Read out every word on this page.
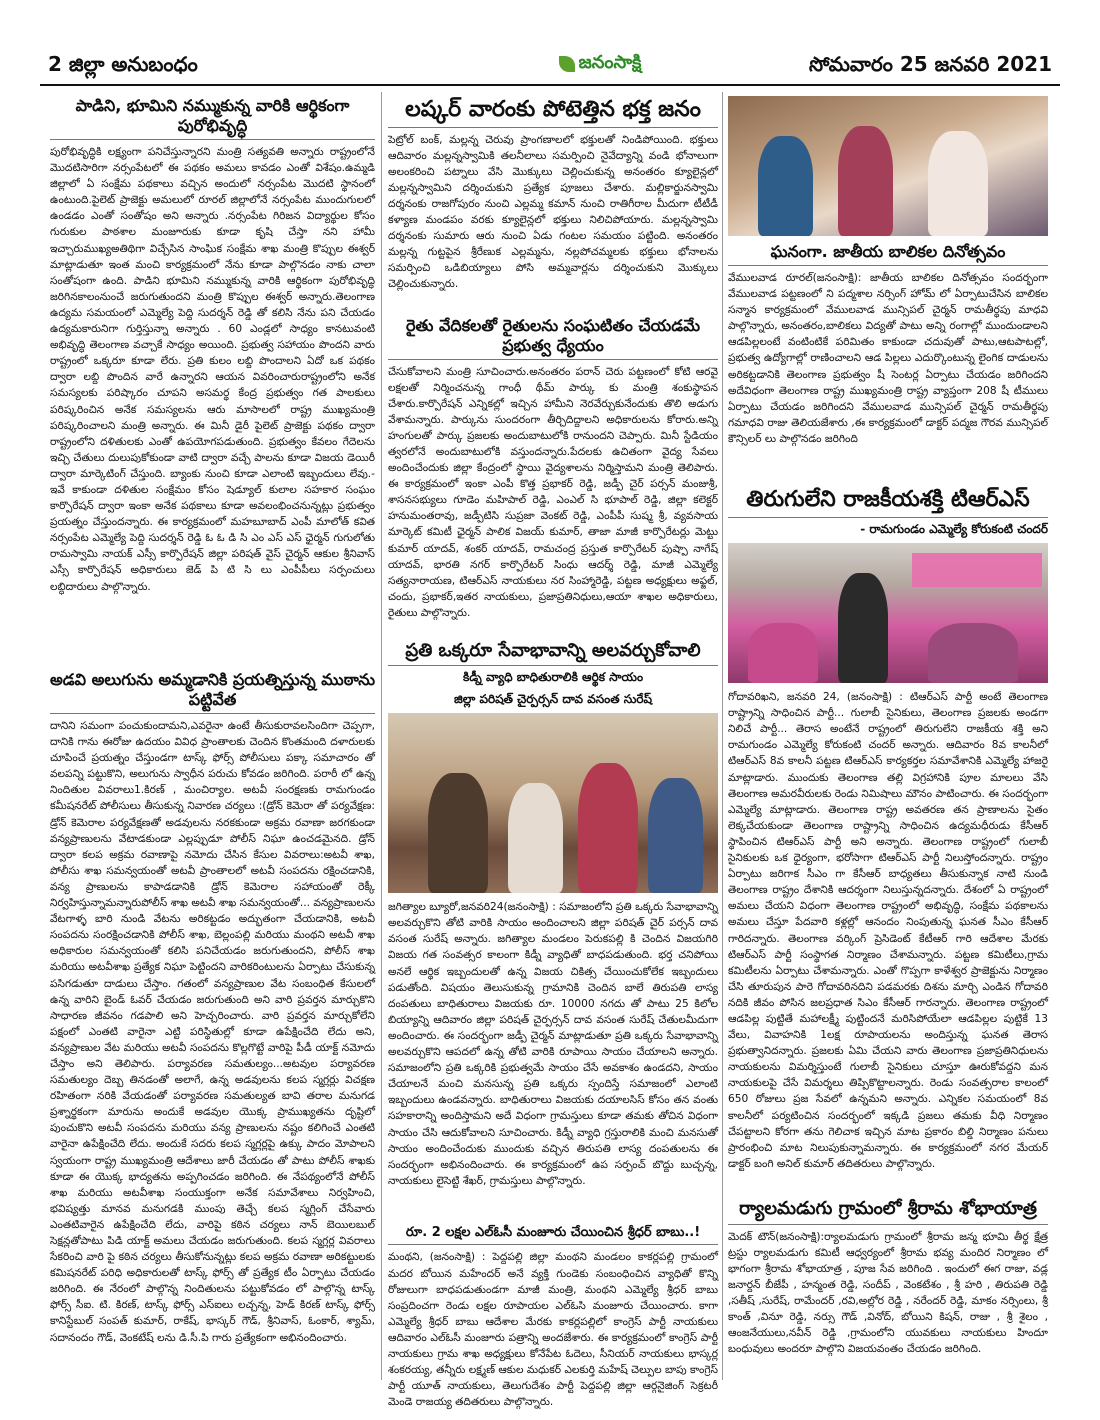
2 జిల్లా అనుబంధం	జనంసాక్షి	సోమవారం 25 జనవరి 2021
పాడిని, భూమిని నమ్ముకున్న వారికి ఆర్థికంగా పురోభివృద్ధి

పురోభివృద్ధికి లక్ష్యంగా పనిచేస్తున్నారని మంత్రి సత్యవతి అన్నారు రాష్ట్రంలోనే మొదటిసారిగా నర్సంపేటలో ఈ పథకం అమలు కావడం ఎంతో విశేషం.ఉమ్మడి జిల్లాలో ఏ సంక్షేమ పథకాలు వచ్చిన అందులో నర్సంపేట మొదటి స్థానంలో ఉంటుంది.పైలెట్ ప్రాజెక్టు అమలులో రూరల్ జిల్లాలోనే నర్సంపేట ముందుగులలో ఉండడం ఎంతో సంతోషం అని అన్నారు .నర్సంపేట గిరిజన విద్యార్థుల కోసం గురుకుల పాఠశాల మంజూరుకు కూడా కృషి చేస్తా నని హామీ ఇచ్చారుముఖ్యఅతిథిగా విచ్చేసిన సాంఘిక సంక్షేమ శాఖ మంత్రి కొప్పుల ఈశ్వర్ మాట్లాడుతూ ఇంత మంచి కార్యక్రమంలో నేను కూడా పాల్గొనడం నాకు చాలా సంతోషంగా ఉంది. పాడిని భూమిని నమ్ముకున్న వారికి ఆర్థికంగా పురోభివృద్ధి జరిగినకాలంనుంచే జరుగుతుందని మంత్రి కొప్పుల ఈశ్వర్ అన్నారు.తెలంగాణ ఉద్యమ సమయంలో ఎమ్మెల్యే పెద్ది సుదర్శన్ రెడ్డి తో కలిసి నేను పని చేయడం ఉద్యమకారునిగా గుర్తిస్తున్నా అన్నారు . 60 ఎండ్లలో సాధ్యం కానటువంటి అభివృద్ధి తెలంగాణ వచ్చాకే సాధ్యం అయింది. ప్రభుత్వ సహాయం పొందని వారు రాష్ట్రంలో ఒక్కరూ కూడా లేరు. ప్రతి కులం లబ్ది పొందాలని ఏదో ఒక పథకం ద్వారా లబ్ది పొందిన వారే ఉన్నారని ఆయన వివరించారురాష్ట్రంలోని అనేక సమస్యలకు పరిష్కారం చూపని అసమర్థ కేంద్ర ప్రభుత్వం గత పాలకులు పరిష్కరించిన అనేక సమస్యలను ఆరు మాసాలలో రాష్ట్ర ముఖ్యమంత్రి పరిష్కరించాలని మంత్రి అన్నారు. ఈ మినీ డైరీ పైలెట్ ప్రాజెక్టు పథకం ద్వారా రాష్ట్రంలోని దళితులకు ఎంతో ఉపయోగపడుతుంది. ప్రభుత్వం కేవలం గేదెలను ఇచ్చి చేతులు దులుపుకోకుండా వాటి ద్వారా వచ్చే పాలను కూడా విజయ డెయిరీ ద్వారా మార్కెటింగ్ చేస్తుంది. బ్యాంకు నుంచి కూడా ఎలాంటి ఇబ్బందులు లేవు.- ఇవే కాకుండా దళితుల సంక్షేమం కోసం షెడ్యూల్ కులాల సహకార సంఘం కార్పొరేషన్ ద్వారా ఇంకా అనేక పథకాలు కూడా అవలంభించనున్నట్లు ప్రభుత్వం ప్రయత్నం చేస్తుందన్నారు. ఈ కార్యక్రమంలో మహబూబాద్ ఎంపీ మాలోత్ కవిత నర్సంపేట ఎమ్మెల్యే పెద్ది సుదర్శన్ రెడ్డి ఓ ఓ డి సి ఎం ఎస్ ఎస్ ఛైర్మన్ గుగులోతు రామస్వామి నాయక్ ఎస్సీ కార్పొరేషన్ జిల్లా పరిషత్ వైస్ చైర్మన్ ఆకుల శ్రీనివాస్ ఎస్సీ కార్పొరేషన్ అధికారులు జెడ్ పి టి సి లు ఎంపీపీలు సర్పంచులు లబ్ధిదారులు పాల్గొన్నారు.

అడవి అలుగును అమ్మడానికి ప్రయత్నిస్తున్న ముఠాను పట్టివేత

దానిని సమంగా పంచుకుందామని,ఎవరైనా ఉంటే తీసుకురావలసిందిగా చెప్పగా, దానికి గాను ఈరోజు ఉదయం వివిధ ప్రాంతాలకు చెందిన కొంతమంది దళారులకు చూపించే ప్రయత్నం చేస్తుండగా టాస్క్ ఫోర్స్ పోలీసులు పక్కా సమాచారం తో వలపన్ని పట్టుకొని, అలుగును స్వాధీన పరుచు కోవడం జరిగింది. పరారీ లో ఉన్న నిందితుల వివరాలు1.కిరణ్ , మంచిర్యాల. అటవీ సంరక్షణకు రామగుండం కమీషనరేట్ పోలీసులు తీసుకున్న నివారణ చర్యలు :(డ్రోన్ కెమెరా తో పర్యవేక్షణ: డ్రోన్ కెమెరాల పర్యవేక్షణతో అడవులను నరకకుండా అక్రమ రవాణా జరగకుండా వన్యప్రాణులను వేటాడకుండా ఎల్లప్పుడూ పోలీస్ నిఘా ఉంచడమైనది. డ్రోన్ ద్వారా కలప అక్రమ రవాణాపై నమోదు చేసిన కేసుల వివరాలు:అటవీ శాఖ, పోలీసు శాఖ సమన్వయంతో అటవీ ప్రాంతాలలో అటవీ సంపదను రక్షించడానికి, వన్య ప్రాణులను కాపాడడానికి డ్రోన్ కెమెరాల సహాయంతో రెక్కీ నిర్వహిస్తున్నామన్నారుపోలీస్ శాఖ అటవీ శాఖ సమన్వయంతో... వన్యప్రాణులను వేటగాళ్ళ బారి నుండి వేటను అరికట్టడం అద్భుతంగా చేయడానికి, అటవీ సంపదను సంరక్షించడానికి పోలీస్ శాఖ, బెల్లంపల్లి మరియు మంథని అటవీ శాఖ అధికారుల సమన్వయంతో కలిసి పనిచేయడం జరుగుతుందని, పోలీస్ శాఖ మరియు అటవీశాఖ ప్రత్యేక నిఘా పెట్టిందని వారికరింటులను ఏర్పాటు చేసుకున్న పసిగడుతూ దాడులు చేస్తాం. గతంలో వన్యప్రాణుల వేట సంబంధిత కేసులలో ఉన్న వారిని బైండ్ ఓవర్ చేయడం జరుగుతుంది అని వారి ప్రవర్తన మార్చుకొని సాధారణ జీవనం గడపాలి అని హెచ్చరించారు. వారి ప్రవర్తన మార్చుకోలేని పక్షంలో ఎంతటి వారైనా ఎట్టి పరిస్థితుల్లో కూడా ఉపేక్షించేది లేదు అని, వన్యప్రాణుల వేట మరియు అటవీ సంపదను కొల్లగొట్టే వారిపై పీడీ యాక్ట్ నమోదు చేస్తాం అని తెలిపారు. పర్యావరణ సమతుల్యం...అటవుల పర్యావరణ సమతుల్యం దెబ్బ తినడంతో అలాగే, ఉన్న అడవులను కలప స్మగ్లర్లు విచక్షణ రహితంగా నరికి వేయడంతో పర్యావరణ సమతుల్యత బావి తరాల మనుగడ ప్రశ్నార్థకంగా మారును అందుకే అడవుల యొక్క ప్రాముఖ్యతను దృష్టిలో పుంచుకొని అటవీ సంపదను మరియు వన్య ప్రాణులను నష్టం కలిగించే ఎంతటి వారైనా ఉపేక్షించేది లేదు. అందుకే సదరు కలప స్మగ్లర్లపై ఉక్కు పాదం మోపాలని స్వయంగా రాష్ట్ర ముఖ్యమంత్రి ఆదేశాలు జారీ చేయడం తో పాటు పోలీస్ శాఖకు కూడా ఈ యొక్క భాద్యతను అప్పగించడం జరిగింది. ఈ నేపథ్యంలోనే పోలీస్ శాఖ మరియు అటవీశాఖ సంయుక్తంగా అనేక సమావేశాలు నిర్వహించి, భవిష్యత్తు మానవ మనుగడకి ముంపు తెచ్చే కలప స్మగ్లింగ్ చేసేవారు ఎంతటివారైన ఉపేక్షించేది లేదు, వారిపై కఠిన చర్యలు నాన్ బెయిలబుల్ సెక్షన్లతోపాటు పిడి యాక్ట్ అమలు చేయడం జరుగుతుంది. కలప స్మగ్లర్ల వివరాలు సేకరించి వారి పై కఠిన చర్యలు తీసుకోనున్నట్లు కలప అక్రమ రవాణా అరికట్టులకు కమిషనరేట్ పరిధి అధికారులతో టాస్క్ ఫోర్స్ తో ప్రత్యేక టీం ఏర్పాటు చేయడం జరిగింది. ఈ నేరంలో పాల్గొన్న నిందితులను పట్టుకోవడం లో పాల్గొన్న టాస్క్ ఫోర్స్ సీఐ. టి. కిరణ్, టాస్క్ ఫోర్స్ ఎస్ఐలు లచ్చన్న, హెడ్ కిరణ్ టాస్క్ ఫోర్స్ కానిస్టేబుల్ సంపత్ కుమార్, రాకేష్, భాస్కర్ గౌడ్, శ్రీనివాస్, ఓంకార్, శ్యామ్, సదానందం గౌడ్, వెంకటేష్ లను డి.సీ.పి గారు ప్రత్యేకంగా అభినందించారు.

లష్కర్ వారంకు పోటెత్తిన భక్త జనం

పెట్రోల్ బంక్, మల్లన్న చెరువు ప్రాంగణాలలో భక్తులతో నిండిపోయింది. భక్తులు ఆదివారం మల్లన్నస్వామికి తలనీలాలు సమర్పించి నైవేద్యాన్ని వండి భోనాలుగా అలంకరించి పట్నాలు వేసి మొక్కులు చెల్లించుకున్న అనంతరం క్యూలైన్లలో మల్లన్నస్వామిని దర్శించుకుని ప్రత్యేక పూజలు చేశారు. మల్లికార్జునస్వామి దర్శనంకు రాజగోపురం నుంచి ఎల్లమ్మ కమాన్ నుంచి రాతిగీరాల మీదుగా టీటీడీ కళ్యాణ మండపం వరకు క్యూలైన్లలో భక్తులు నిలిచిపోయారు. మల్లన్నస్వామి దర్శనంకు సుమారు ఆరు నుంచి ఏడు గంటల సమయం పట్టింది. అనంతరం మల్లన్న గుట్టపైన శ్రీరేణుక ఎల్లమ్మను, నల్లపోచమ్మలకు భక్తులు భోనాలను సమర్పించి ఒడిబియ్యాలు పోసి అమ్మవార్లను దర్శించుకుని మొక్కులు చెల్లించుకున్నారు.

రైతు వేదికలతో రైతులను సంఘటితం చేయడమే ప్రభుత్వ ధ్యేయం

చేసుకోవాలని మంత్రి సూచించారు.అనంతరం పరాన్ చెరు పట్టణంలో కోటి ఆరవై లక్షలతో నిర్మించనున్న గాంధీ థీమ్ పార్కు కు మంత్రి శంకుస్థాపన చేశారు.కార్పొరేషన్ ఎన్నికల్లో ఇచ్చిన హామీని నెరవేర్చుకునేందుకు తొలి అడుగు వేశామన్నారు. పార్కును సుందరంగా తీర్చిదిద్దాలని అధికారులను కోరారు.అన్ని హంగులతో పార్కు ప్రజలకు అందుబాటులోకి రానుందని చెప్పారు. మినీ స్టేడియం త్వరలోనే అందుబాటులోకి వస్తుందన్నారు.పేదలకు ఉచితంగా వైద్య సేవలు అందించేందుకు జిల్లా కేంద్రంలో స్థాయి వైద్యశాలను నిర్మిస్తామని మంత్రి తెలిపారు. ఈ కార్యక్రమంలో ఇంకా ఎంపీ కొత్త ప్రభాకర్ రెడ్డి, జడ్పీ చైర్ పర్సన్ మంజుశ్రీ, శాసనసభ్యులు గూడెం మహిపాల్ రెడ్డి, ఎంఎల్ సి భూపాల్ రెడ్డి, జిల్లా కలెక్టర్ హనుమంతరావు, జడ్పీటిసి సుప్రజా వెంకట్ రెడ్డి, ఎంపీపీ సుష్మ శ్రీ, వ్యవసాయ మార్కెట్ కమిటీ ఛైర్మన్ పాలిక విజయ్ కుమార్, తాజా మాజీ కార్పొరేటర్లు మెట్టు కుమార్ యాదవ్, శంకర్ యాదవ్, రామచంద్ర ప్రస్తుత కార్పొరేటర్ పుష్పా నాగేష్ యాదవ్, భారతి నగర్ కార్పొరేటర్ సింధు ఆదర్శ్ రెడ్డి, మాజీ ఎమ్మెల్యే సత్యనారాయణ, టిఆర్ఎస్ నాయకులు నర సింహ్మారెడ్డి, పట్టణ అధ్యక్షులు అఫ్జల్, చందు, ప్రభాకర్,ఇతర నాయకులు, ప్రజాప్రతినిధులు,ఆయా శాఖల అధికారులు, రైతులు పాల్గొన్నారు.

ప్రతి ఒక్కరూ సేవాభావాన్ని అలవర్చుకోవాలి
కిడ్నీ వ్యాధి బాధితురాలికి ఆర్థిక సాయం
జిల్లా పరిషత్ చైర్పర్సన్ దావ వసంత సురేష్

జగిత్యాల బ్యూరో,జనవరి24(జనంసాక్షి) : సమాజంలోని ప్రతి ఒక్కరు సేవాభావాన్ని అలవర్చుకొని తోటి వారికి సాయం అందించాలని జిల్లా పరిషత్ చైర్ పర్సన్ దావ వసంత సురేష్ అన్నారు. జగిత్యాల మండలం పెరుకపల్లి కి చెందిన విజయగిరి విజయ గత సంవత్సర కాలంగా కిడ్నీ వ్యాధితో బాధపడుతుంది. భర్త చనిపోయి అనలే ఆర్థిక ఇబ్బందులతో ఉన్న విజయ చికిత్స చేయించుకోలేక ఇబ్బందులు పడుతోంది. విషయం తెలుసుకున్న గ్రామానికి చెందిన బాలే తిరుపతి లాస్య దంపతులు బాధితురాలు విజయకు రూ. 10000 నగదు తో పాటు 25 కిలోల బియ్యాన్ని ఆదివారం జిల్లా పరిషత్ చైర్పర్సన్ దావ వసంత సురేష్ చేతులమీదుగా అందించారు. ఈ సందర్భంగా జడ్పీ చైర్మన్ మాట్లాడుతూ ప్రతి ఒక్కరు సేవాభావాన్ని అలవర్చుకొని ఆపదలో ఉన్న తోటి వారికి రూపాయి సాయం చేయాలని అన్నారు. సమాజంలోని ప్రతి ఒక్కరికి ప్రభుత్వమే సాయం చేసే అవకాశం ఉండదని, సాయం చేయాలనే మంచి మనసున్న ప్రతి ఒక్కరు స్పందిస్తే సమాజంలో ఎలాంటి ఇబ్బందులు ఉండవన్నారు. బాధితురాలు విజయకు దయాలసిస్ కోసం తన వంతు సహకారాన్ని అందిస్తామని అదే విధంగా గ్రామస్తులు కూడా తమకు తోచిన విధంగా సాయం చేసి ఆదుకోవాలని సూచించారు. కిడ్నీ వ్యాధి గ్రస్తురాలికి మంచి మనసుతో సాయం అందించేందుకు ముందుకు వచ్చిన తిరుపతి లాస్య దంపతులను ఈ సందర్భంగా అభినందించారు. ఈ కార్యక్రమంలో ఉప సర్పంచ్ బొద్దు బుచ్చన్న, నాయకులు లైసెట్టి శేఖర్, గ్రామస్తులు పాల్గొన్నారు.

రూ. 2 లక్షల ఎల్ఓసీ మంజూరు చేయించిన శ్రీధర్ బాబు..!

మంథని, (జనంసాక్షి) : పెద్దపల్లి జిల్లా మంథని మండలం కాకర్లపల్లి గ్రామంలో మదర బోయిన మహేందర్ అనే వ్యక్తి గుండెకు సంబంధించిన వ్యాధితో కొన్ని రోజులుగా బాధపడుతుండగా మాజీ మంత్రి, మంథని ఎమ్మెల్యే శ్రీధర్ బాబు సంప్రదించగా రెండు లక్షల రూపాయల ఎల్ఓసి మంజూరు చేయించారు. కాగా ఎమ్మెల్యే శ్రీధర్ బాబు ఆదేశాల మేరకు కాకర్లపల్లిలో కాంగ్రెస్ పార్టీ నాయకులు ఆదివారం ఎల్ఓసీ మంజూరు పత్రాన్ని అందజేశారు. ఈ కార్యక్రమంలో కాంగ్రెస్ పార్టీ నాయకులు గ్రామ శాఖ అధ్యక్షులు కోనేపేట ఓదెలు, సీనియర్ నాయకులు భాస్కర్ల శంకరయ్య, తన్నీరు లక్ష్మణ్ ఆకుల మధుకర్ ఎలకుర్తి మహేష్ చెల్పుల బాపు కాంగ్రెస్ పార్టీ యూత్ నాయకులు, తెలుగుదేశం పార్టీ పెద్దపల్లి జిల్లా ఆర్గనైజింగ్ సెక్రటరీ మెండె రాజయ్య తదితరులు పాల్గొన్నారు.

ఘనంగా. జాతీయ బాలికల దినోత్సవం

వేములవాడ రూరల్(జనంసాక్షి): జాతీయ బాలికల దినోత్సవం సందర్భంగా వేములవాడ పట్టణంలో ని పద్మశాల నర్సింగ్ హోమ్ లో ఏర్పాటుచేసిన బాలికల సన్మాన కార్యక్రమంలో వేములవాడ మున్సిపల్ చైర్మన్ రామతీర్థపు మాధవి పాల్గొన్నారు, అనంతరం,బాలికలు విద్యతో పాటు అన్ని రంగాల్లో ముందుండాలని ఆడపిల్లలంటే వంటింటికే పరిమితం కాకుండా చదువుతో పాటు,ఆటపాటల్లో, ప్రభుత్వ ఉద్యోగాల్లో రాణించాలని ఆడ పిల్లలు ఎదుర్కొంటున్న లైంగిక దాడులను అరికట్టడానికి తెలంగాణ ప్రభుత్వం షీ సెంటర్ల ఏర్పాటు చేయడం జరిగిందని అదేవిధంగా తెలంగాణ రాష్ట్ర ముఖ్యమంత్రి రాష్ట్ర వ్యాప్తంగా 208 షీ టీములు ఏర్పాటు చేయడం జరిగిందని వేములవాడ మున్సిపల్ చైర్మన్ రామతీర్థపు గమాధవి రాజు తెలియజేశారు ,ఈ కార్యక్రమంలో డాక్టర్ పద్మజ గౌరవ మున్సిపల్ కౌన్సిలర్ లు పాల్గొనడం జరిగింది

తిరుగులేని రాజకీయశక్తి టిఆర్ఎస్
- రామగుండం ఎమ్మెల్యే కోరుకంటి చందర్

గోదావరిఖని, జనవరి 24, (జనంసాక్షి) : టిఆర్ఎస్ పార్టీ అంటే తెలంగాణ రాష్ట్రాన్ని సాధించిన పార్టీ... గులాబీ సైనికులు, తెలంగాణ ప్రజలకు అండగా నిలిచే పార్టీ... తెరాస అంటేనే రాష్ట్రంలో తిరుగులేని రాజకీయ శక్తి అని రామగుండం ఎమ్మెల్యే కోరుకంటి చందర్ అన్నారు. ఆదివారం 8వ కాలనీలో టిఆర్ఎస్ 8వ కాలనీ పట్టణ టిఆర్ఎస్ కార్యకర్తల సమావేశానికి ఎమ్మెల్యే హాజరై మాట్లాడారు. ముందుకు తెలంగాణ తల్లి విగ్రహానికి పూల మాలలు వేసి తెలంగాణ అమరవీరులకు రెండు నిమిషాలు మౌనం పాటించారు. ఈ సందర్భంగా ఎమ్మెల్యే మాట్లాడారు. తెలంగాణ రాష్ట్ర అవతరణ తన ప్రాణాలను సైతం లెక్కచేయకుండా తెలంగాణ రాష్ట్రాన్ని సాధించిన ఉద్యమధీరుడు కేసీఆర్ స్థాపించిన టిఆర్ఎస్ పార్టీ అని అన్నారు. తెలంగాణ రాష్ట్రంలో గులాబీ సైనికులకు ఒక ధైర్యంగా, భరోసాగా టిఆర్ఎస్ పార్టీ నిలుస్తోందన్నారు. రాష్ట్రం ఏర్పాటు జరిగాక సీఎం గా కేసీఆర్ బాధ్యతలు తీసుకున్నాక నాటి నుండి తెలంగాణ రాష్ట్రం దేశానికి ఆదర్శంగా నిలుస్తున్నదన్నారు. దేశంలో ఏ రాష్ట్రంలో అమలు చేయని విధంగా తెలంగాణ రాష్ట్రంలో అభివృద్ధి, సంక్షేమ పథకాలను అమలు చేస్తూ పేదవారి కళ్లల్లో ఆనందం నింపుతున్న ఘనత సీఎం కేసీఆర్ గారిదన్నారు. తెలంగాణ వర్కింగ్ ప్రెసిడెంట్ కేటీఆర్ గారి ఆదేశాల మేరకు టిఆర్ఎస్ పార్టీ సంస్థాగత నిర్మాణం చేశామన్నారు. పట్టణ కమిటీలు,గ్రామ కమిటీలను ఏర్పాటు చేశామన్నారు. ఎంతో గొప్పగా కాళేశ్వర ప్రాజెక్టును నిర్మాణం చేసి తూరుపున పారె గోదావరినదిని పడమరకు దిశను మార్చి ఎండిన గోదావరి నదికి జీవం పోసిన జలప్రధాత సిఎం కేసీఆర్ గారన్నారు. తెలంగాణ రాష్ట్రంలో ఆడపిల్ల పుట్టితే మహాలక్ష్మీ పుట్టిందనే మరిసిపోయేలా ఆడపిల్లల పుట్టికే 13 వేలు, వివాహనికి 1లక్ష రూపాయలను అందిస్తున్న ఘనత తెరాస ప్రభుత్వానిదన్నారు. ప్రజలకు ఏమి చేయని వారు తెలంగాణ ప్రజాప్రతినిధులను నాయకులను విమర్శిస్తుంటే గులాబీ సైనికులు చూస్తూ ఊరుకోవద్దని మన నాయకులపై చేసే విమర్శలు తిప్పికొట్టాలన్నారు. రెండు సంవత్సరాల కాలంలో 650 రోజులు ప్రజ సేవలో ఉన్నమని అన్నారు. ఎన్నికల సమయంలో 8వ కాలనీలో పర్యటించిన సందర్భంలో ఇక్కడి ప్రజలు తమకు వీధి నిర్మాణం చేపట్టాలని కోరగా తను గెలిచాక ఇచ్చిన మాట ప్రకారం బిల్డి నిర్మాణం పనులు ప్రారంభించి మాట నిలుపుకున్నామన్నారు. ఈ కార్యక్రమంలో నగర మేయర్ డాక్టర్ బంగి అనిల్ కుమార్ తదితరులు పాల్గొన్నారు.

ర్యాలమడుగు గ్రామంలో శ్రీరామ శోభాయాత్ర

మెదక్ టౌన్(జనంసాక్షి):ర్యాలమడుగు గ్రామంలో శ్రీరామ జన్మ భూమి తీర్థ క్షేత్ర ట్రస్టు ర్యాలమడుగు కమిటీ ఆధ్వర్యంలో శ్రీరామ భవ్య మందిర నిర్మాణం లో భాగంగా శ్రీరామ శోభాయాత్ర , పూజ సేవ జరిగింది . ఇందులో ఈగ రాజు, వడ్ల జనార్దన్ బీజేపీ , హన్మంత రెడ్డి, సందీప్ , వెంకటేశం , శ్రీ హరి , తిరుపతి రెడ్డి ,సతీష్ ,సురేష్, రామేందర్ ,రవి,అల్లోర రెడ్డి , నరేందర్ రెడ్డి, మాకం నర్సింలు, శ్రీ కాంత్ ,వినూ రెడ్డి, నర్సు గౌడ్ ,వినోద్, బోయిని కిషన్, రాజు , శ్రీ శైలం , ఆంజనేయులు,నవీన్ రెడ్డి ,గ్రామంలోని యువకులు నాయకులు హిందూ బంధువులు అందరూ పాల్గొని విజయవంతం చేయడం జరిగింది.
